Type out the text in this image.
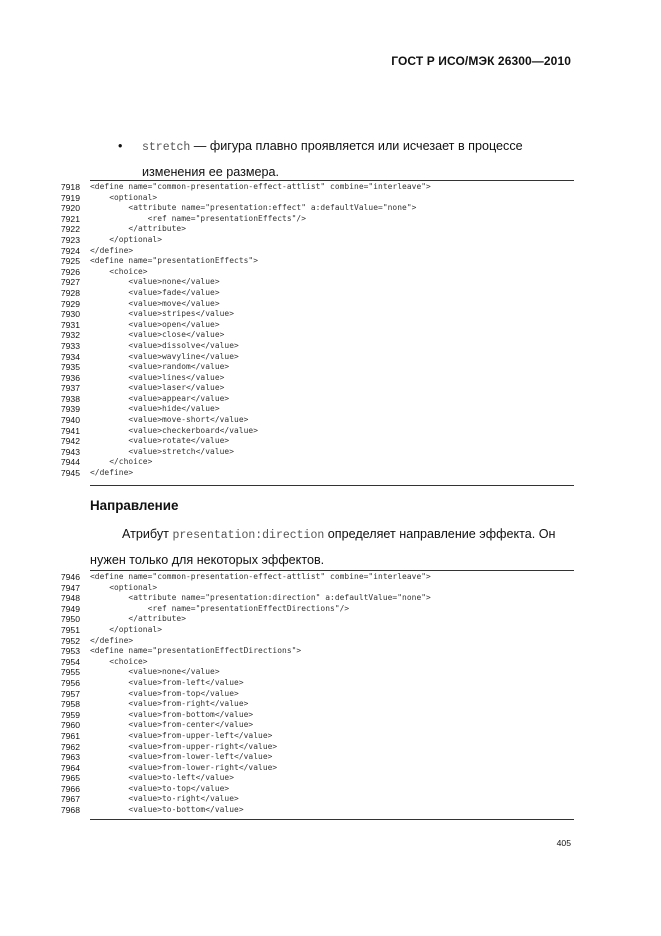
ГОСТ Р ИСО/МЭК 26300—2010
• stretch — фигура плавно проявляется или исчезает в процессе
изменения ее размера.
7918 <define name="common-presentation-effect-attlist" combine="interleave">
7919 <optional>
7920 <attribute name="presentation:effect" a:defaultValue="none">
7921 <ref name="presentationEffects"/>
7922 </attribute>
7923 </optional>
7924 </define>
7925 <define name="presentationEffects">
7926 <choice>
7927 <value>none</value>
7928 <value>fade</value>
7929 <value>move</value>
7930 <value>stripes</value>
7931 <value>open</value>
7932 <value>close</value>
7933 <value>dissolve</value>
7934 <value>wavyline</value>
7935 <value>random</value>
7936 <value>lines</value>
7937 <value>laser</value>
7938 <value>appear</value>
7939 <value>hide</value>
7940 <value>move-short</value>
7941 <value>checkerboard</value>
7942 <value>rotate</value>
7943 <value>stretch</value>
7944 </choice>
7945 </define>
Направление
Атрибут presentation:direction определяет направление эффекта. Он
нужен только для некоторых эффектов.
7946 <define name="common-presentation-effect-attlist" combine="interleave">
7947 <optional>
7948 <attribute name="presentation:direction" a:defaultValue="none">
7949 <ref name="presentationEffectDirections"/>
7950 </attribute>
7951 </optional>
7952 </define>
7953 <define name="presentationEffectDirections">
7954 <choice>
7955 <value>none</value>
7956 <value>from-left</value>
7957 <value>from-top</value>
7958 <value>from-right</value>
7959 <value>from-bottom</value>
7960 <value>from-center</value>
7961 <value>from-upper-left</value>
7962 <value>from-upper-right</value>
7963 <value>from-lower-left</value>
7964 <value>from-lower-right</value>
7965 <value>to-left</value>
7966 <value>to-top</value>
7967 <value>to-right</value>
7968 <value>to-bottom</value>
405
